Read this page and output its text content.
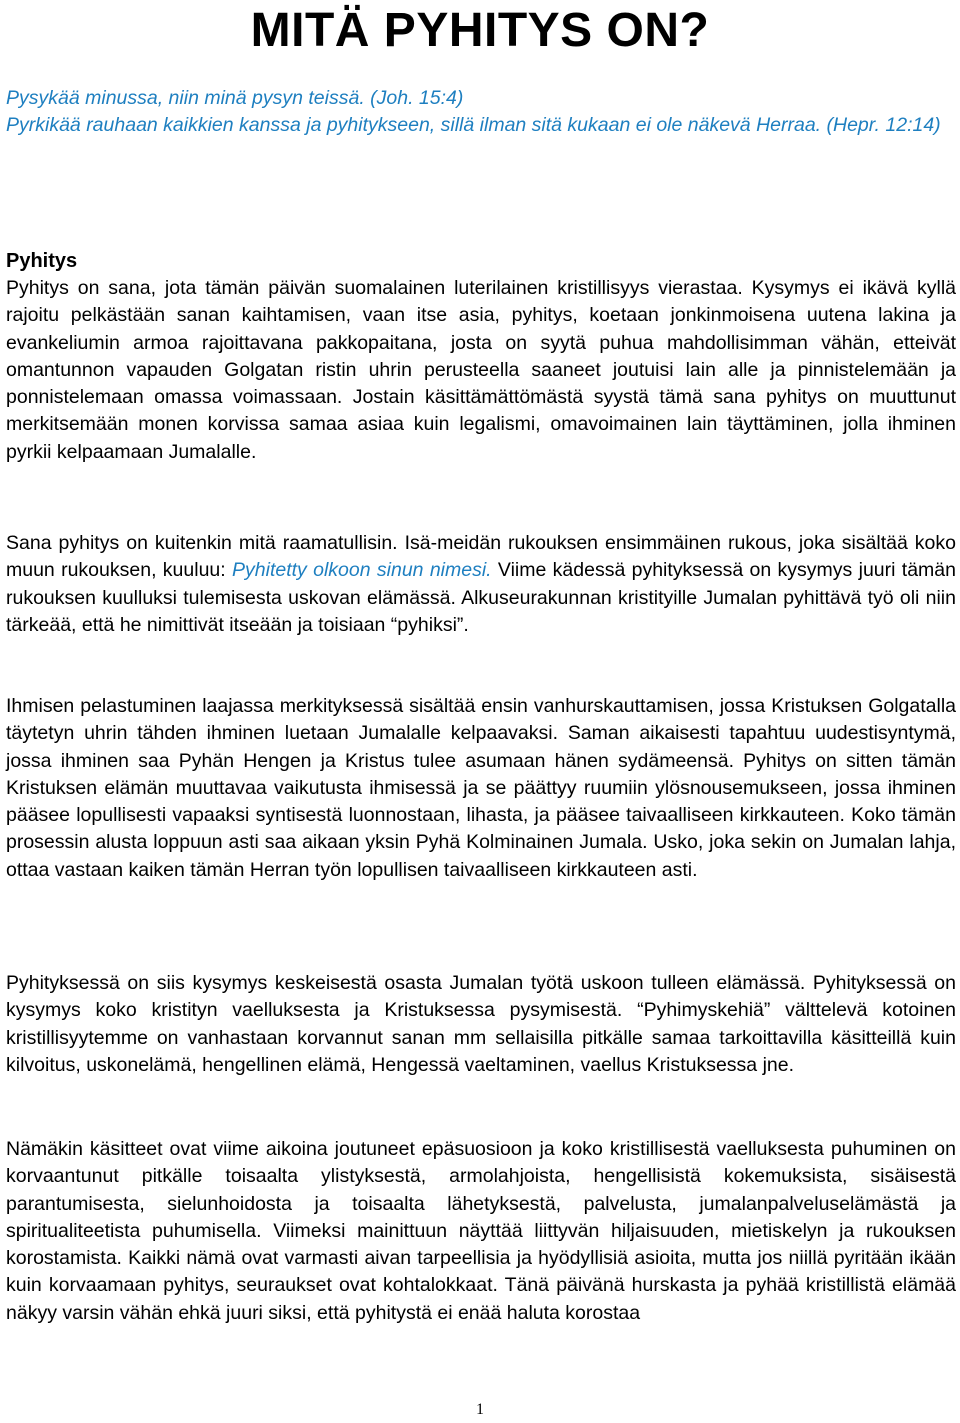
MITÄ PYHITYS ON?

Pysykää minussa, niin minä pysyn teissä. (Joh. 15:4)

Pyrkikää rauhaan kaikkien kanssa ja pyhitykseen, sillä ilman sitä kukaan ei ole näkevä Herraa. (Hepr. 12:14)

Pyhitys

Pyhitys on sana, jota tämän päivän suomalainen luterilainen kristillisyys vierastaa. Kysymys ei ikävä kyllä rajoitu pelkästään sanan kaihtamisen, vaan itse asia, pyhitys, koetaan jonkinmoisena uutena lakina ja evankeliumin armoa rajoittavana pakkopaitana, josta on syytä puhua mahdollisimman vähän, etteivät omantunnon vapauden Golgatan ristin uhrin perusteella saaneet joutuisi lain alle ja pinnistelemään ja ponnistelemaan omassa voimassaan. Jostain käsittämättömästä syystä tämä sana pyhitys on muuttunut merkitsemään monen korvissa samaa asiaa kuin legalismi, omavoimainen lain täyttäminen, jolla ihminen pyrkii kelpaamaan Jumalalle.

Sana pyhitys on kuitenkin mitä raamatullisin. Isä-meidän rukouksen ensimmäinen rukous, joka sisältää koko muun rukouksen, kuuluu: Pyhitetty olkoon sinun nimesi. Viime kädessä pyhityksessä on kysymys juuri tämän rukouksen kuulluksi tulemisesta uskovan elämässä. Alkuseurakunnan kristityille Jumalan pyhittävä työ oli niin tärkeää, että he nimittivät itseään ja toisiaan “pyhiksi”.

Ihmisen pelastuminen laajassa merkityksessä sisältää ensin vanhurskauttamisen, jossa Kristuksen Golgatalla täytetyn uhrin tähden ihminen luetaan Jumalalle kelpaavaksi. Saman aikaisesti tapahtuu uudestisyntymä, jossa ihminen saa Pyhän Hengen ja Kristus tulee asumaan hänen sydämeensä. Pyhitys on sitten tämän Kristuksen elämän muuttavaa vaikutusta ihmisessä ja se päättyy ruumiin ylösnousemukseen, jossa ihminen pääsee lopullisesti vapaaksi syntisestä luonnostaan, lihasta, ja pääsee taivaalliseen kirkkauteen. Koko tämän prosessin alusta loppuun asti saa aikaan yksin Pyhä Kolminainen Jumala. Usko, joka sekin on Jumalan lahja, ottaa vastaan kaiken tämän Herran työn lopullisen taivaalliseen kirkkauteen asti.

Pyhityksessä on siis kysymys keskeisestä osasta Jumalan työtä uskoon tulleen elämässä. Pyhityksessä on kysymys koko kristityn vaelluksesta ja Kristuksessa pysymisestä. “Pyhimyskehiä” välttelevä kotoinen kristillisyytemme on vanhastaan korvannut sanan mm sellaisilla pitkälle samaa tarkoittavilla käsitteillä kuin kilvoitus, uskonelämä, hengellinen elämä, Hengessä vaeltaminen, vaellus Kristuksessa jne.

Nämäkin käsitteet ovat viime aikoina joutuneet epäsuosioon ja koko kristillisestä vaelluksesta puhuminen on korvaantunut pitkälle toisaalta ylistyksestä, armolahjoista, hengellisistä kokemuksista, sisäisestä parantumisesta, sielunhoidosta ja toisaalta lähetyksestä, palvelusta, jumalanpalveluselämästä ja spiritualiteetista puhumisella. Viimeksi mainittuun näyttää liittyvän hiljaisuuden, mietiskelyn ja rukouksen korostamista. Kaikki nämä ovat varmasti aivan tarpeellisia ja hyödyllisiä asioita, mutta jos niillä pyritään ikään kuin korvaamaan pyhitys, seuraukset ovat kohtalokkaat. Tänä päivänä hurskasta ja pyhää kristillistä elämää näkyy varsin vähän ehkä juuri siksi, että pyhitystä ei enää haluta korostaa

1
